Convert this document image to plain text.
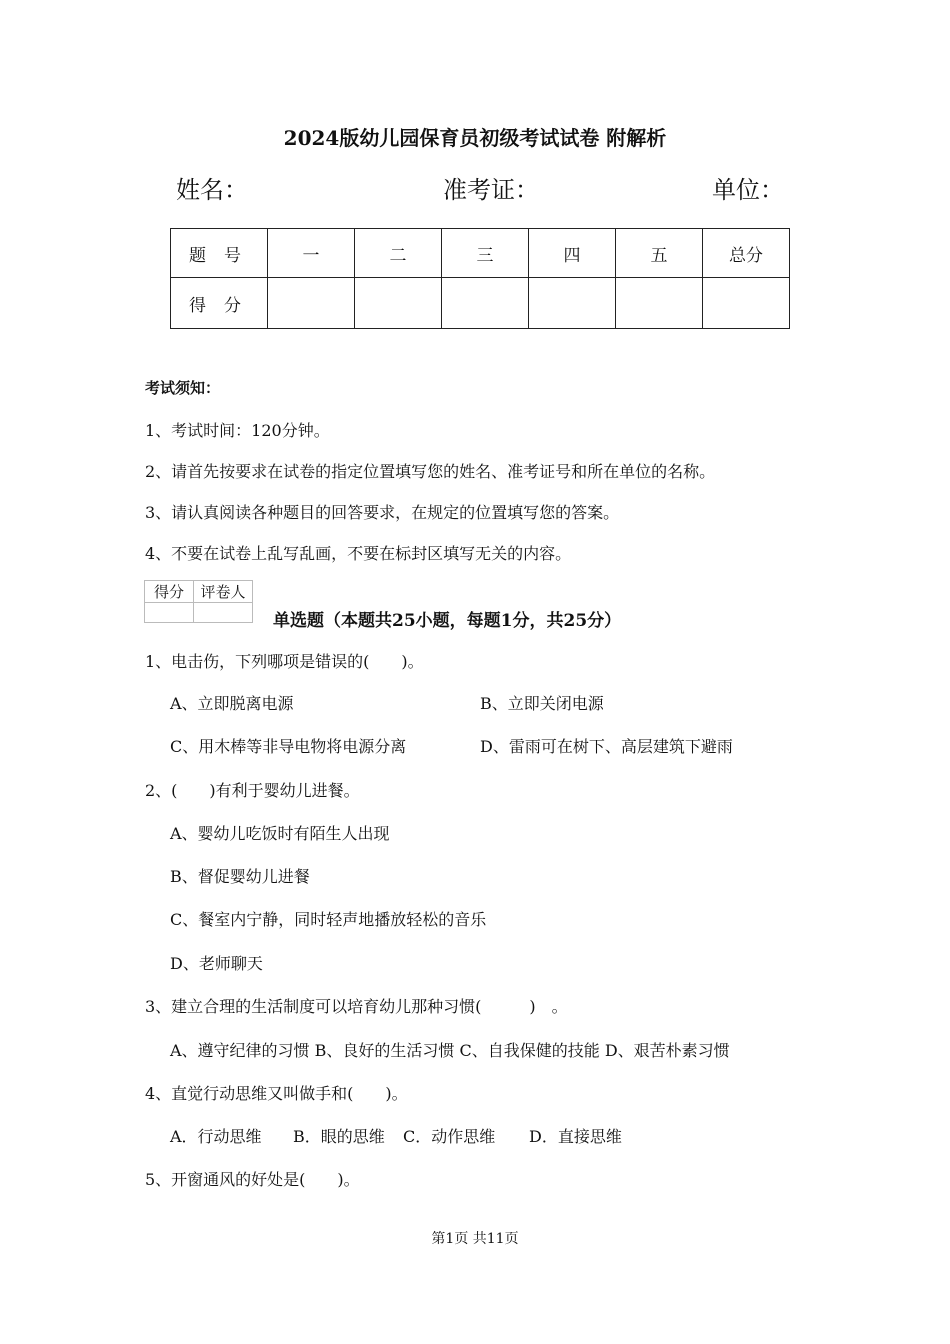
2024版幼儿园保育员初级考试试卷 附解析
姓名：	准考证：	单位：
题号	一	二	三	四	五	总分
得分						
考试须知：
1、考试时间：120分钟。
2、请首先按要求在试卷的指定位置填写您的姓名、准考证号和所在单位的名称。
3、请认真阅读各种题目的回答要求，在规定的位置填写您的答案。
4、不要在试卷上乱写乱画，不要在标封区填写无关的内容。
得分	评卷人

单选题（本题共25小题，每题1分，共25分）
1、电击伤，下列哪项是错误的(　　)。
A、立即脱离电源	B、立即关闭电源
C、用木棒等非导电物将电源分离	D、雷雨可在树下、高层建筑下避雨
2、(　　)有利于婴幼儿进餐。
A、婴幼儿吃饭时有陌生人出现
B、督促婴幼儿进餐
C、餐室内宁静，同时轻声地播放轻松的音乐
D、老师聊天
3、建立合理的生活制度可以培育幼儿那种习惯(　　　)　。
A、遵守纪律的习惯 B、良好的生活习惯 C、自我保健的技能 D、艰苦朴素习惯
4、直觉行动思维又叫做手和(　　)。
A．行动思维 B．眼的思维 C．动作思维 D．直接思维
5、开窗通风的好处是(　　)。
第1页 共11页
